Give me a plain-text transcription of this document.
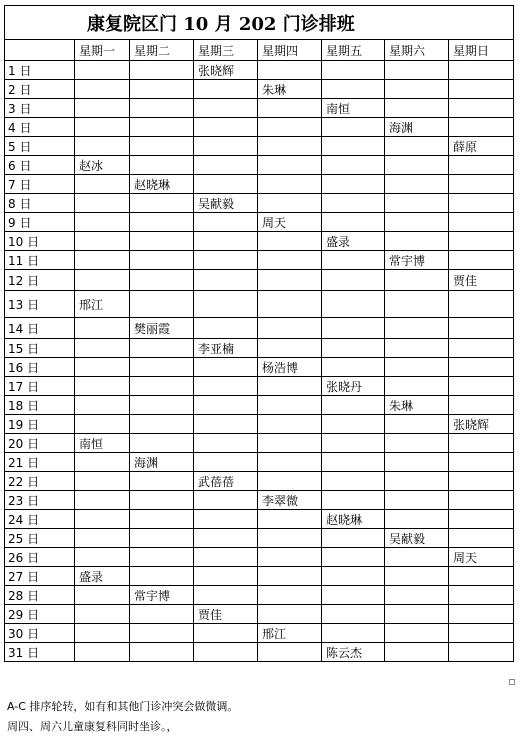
康复院区门 10 月 202 门诊排班							
	星期一	星期二	星期三	星期四	星期五	星期六	星期日
1 日			张晓辉				
2 日				朱琳			
3 日					南恒		
4 日						海渊	
5 日							薛原
6 日	赵冰						
7 日		赵晓琳					
8 日			吴献毅				
9 日				周天			
10 日					盛录		
11 日						常宇博	
12 日							贾佳
13 日	邢江						
14 日		樊丽霞					
15 日			李亚楠				
16 日				杨浩博			
17 日					张晓丹		
18 日						朱琳	
19 日							张晓辉
20 日	南恒						
21 日		海渊					
22 日			武蓓蓓				
23 日				李翠微			
24 日					赵晓琳		
25 日						吴献毅	
26 日							周天
27 日	盛录						
28 日		常宇博					
29 日			贾佳				
30 日				邢江			
31 日					陈云杰		
A-C 排序轮转，如有和其他门诊冲突会做微调。
周四、周六儿童康复科同时坐诊。，
